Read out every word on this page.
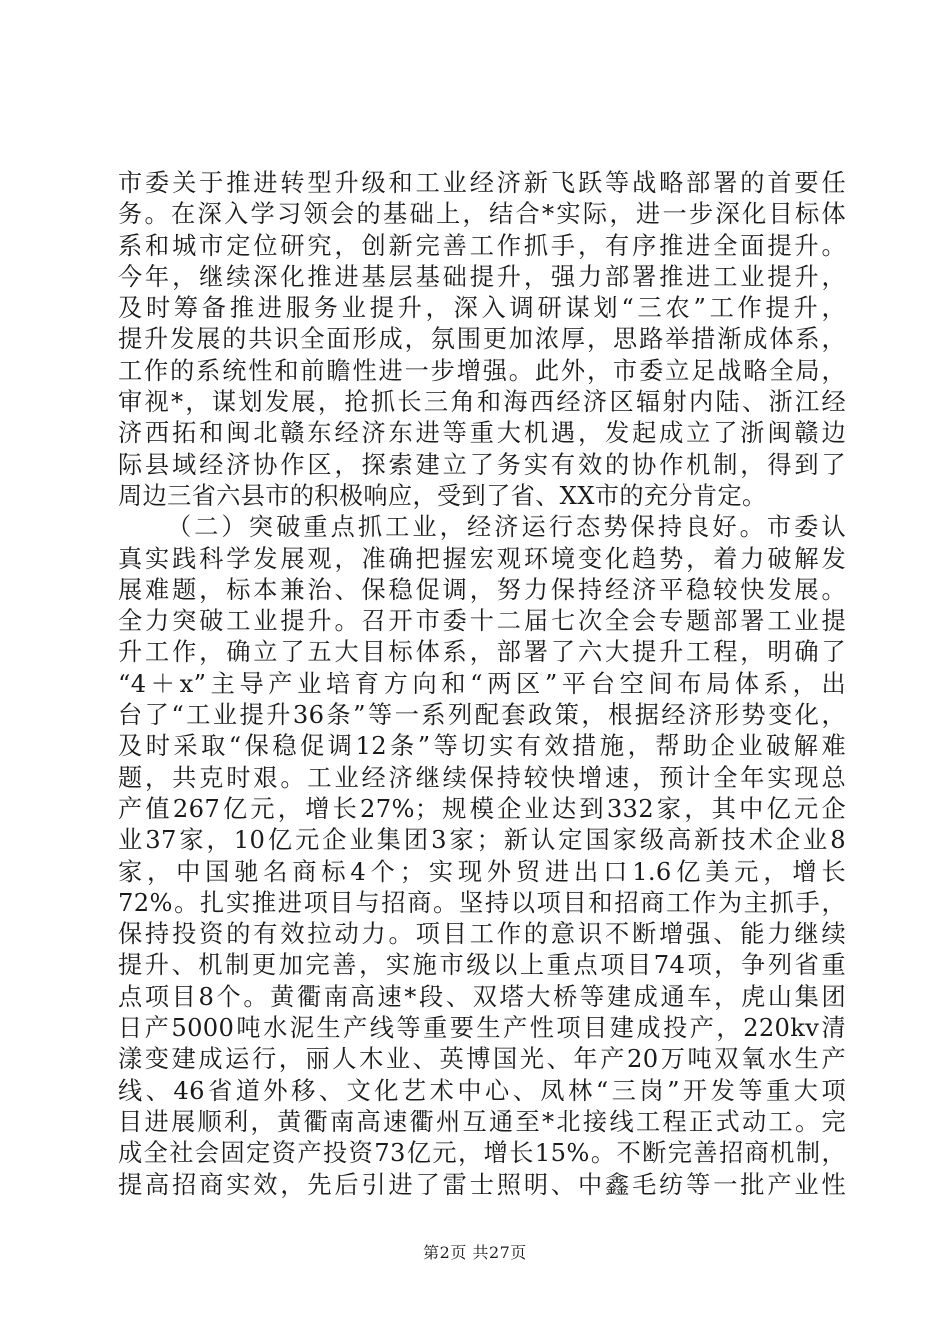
市委关于推进转型升级和工业经济新飞跃等战略部署的首要任
务。在深入学习领会的基础上，结合*实际，进一步深化目标体
系和城市定位研究，创新完善工作抓手，有序推进全面提升。
今年，继续深化推进基层基础提升，强力部署推进工业提升，
及时筹备推进服务业提升，深入调研谋划“三农”工作提升，
提升发展的共识全面形成，氛围更加浓厚，思路举措渐成体系，
工作的系统性和前瞻性进一步增强。此外，市委立足战略全局，
审视*，谋划发展，抢抓长三角和海西经济区辐射内陆、浙江经
济西拓和闽北赣东经济东进等重大机遇，发起成立了浙闽赣边
际县域经济协作区，探索建立了务实有效的协作机制，得到了
周边三省六县市的积极响应，受到了省、XX市的充分肯定。
（二）突破重点抓工业，经济运行态势保持良好。市委认
真实践科学发展观，准确把握宏观环境变化趋势，着力破解发
展难题，标本兼治、保稳促调，努力保持经济平稳较快发展。
全力突破工业提升。召开市委十二届七次全会专题部署工业提
升工作，确立了五大目标体系，部署了六大提升工程，明确了
“4＋x”主导产业培育方向和“两区”平台空间布局体系，出
台了“工业提升36条”等一系列配套政策，根据经济形势变化，
及时采取“保稳促调12条”等切实有效措施，帮助企业破解难
题，共克时艰。工业经济继续保持较快增速，预计全年实现总
产值267亿元，增长27%；规模企业达到332家，其中亿元企
业37家，10亿元企业集团3家；新认定国家级高新技术企业8
家，中国驰名商标4个；实现外贸进出口1.6亿美元，增长
72%。扎实推进项目与招商。坚持以项目和招商工作为主抓手，
保持投资的有效拉动力。项目工作的意识不断增强、能力继续
提升、机制更加完善，实施市级以上重点项目74项，争列省重
点项目8个。黄衢南高速*段、双塔大桥等建成通车，虎山集团
日产5000吨水泥生产线等重要生产性项目建成投产，220kv清
漾变建成运行，丽人木业、英博国光、年产20万吨双氧水生产
线、46省道外移、文化艺术中心、凤林“三岗”开发等重大项
目进展顺利，黄衢南高速衢州互通至*北接线工程正式动工。完
成全社会固定资产投资73亿元，增长15%。不断完善招商机制，
提高招商实效，先后引进了雷士照明、中鑫毛纺等一批产业性
第2页 共27页
